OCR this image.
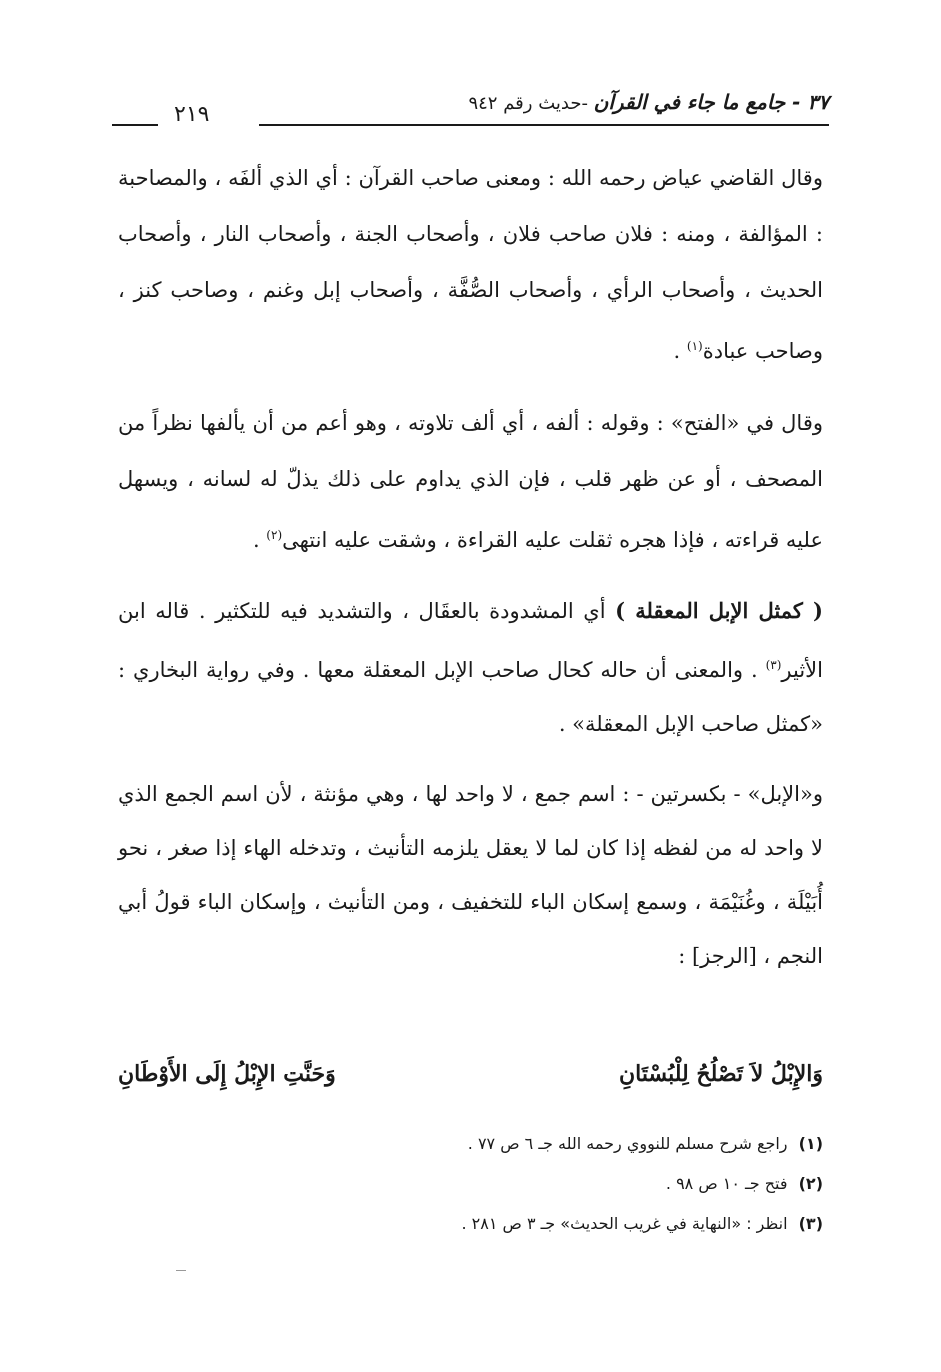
٣٧ - جامع ما جاء في القرآن -حديث رقم ٩٤٢
٢١٩

وقال القاضي عياض رحمه الله : ومعنى صاحب القرآن : أي الذي ألفَه ، والمصاحبة : المؤالفة ، ومنه : فلان صاحب فلان ، وأصحاب الجنة ، وأصحاب النار ، وأصحاب الحديث ، وأصحاب الرأي ، وأصحاب الصُّفَّة ، وأصحاب إبل وغنم ، وصاحب كنز ، وصاحب عبادة$^{(١)}$ .

وقال في «الفتح» : وقوله : ألفه ، أي ألف تلاوته ، وهو أعم من أن يألفها نظراً من المصحف ، أو عن ظهر قلب ، فإن الذي يداوم على ذلك يذلّ له لسانه ، ويسهل عليه قراءته ، فإذا هجره ثقلت عليه القراءة ، وشقت عليه انتهى$^{(٢)}$ .

( كمثل الإبل المعقلة ) أي المشدودة بالعقَال ، والتشديد فيه للتكثير . قاله ابن الأثير$^{(٣)}$ . والمعنى أن حاله كحال صاحب الإبل المعقلة معها . وفي رواية البخاري : «كمثل صاحب الإبل المعقلة» .

و«الإبل» - بكسرتين - : اسم جمع ، لا واحد لها ، وهي مؤنثة ، لأن اسم الجمع الذي لا واحد له من لفظه إذا كان لما لا يعقل يلزمه التأنيث ، وتدخله الهاء إذا صغر ، نحو أُبَيْلَة ، وغُنَيْمَة ، وسمع إسكان الباء للتخفيف ، ومن التأنيث ، وإسكان الباء قولُ أبي النجم ، [الرجز] :

وَالإِبْلُ لاَ تَصْلُحُ لِلْبُسْتَانِ
وَحَنَّتِ الإِبْلُ إِلَى الأَوْطَانِ
(١) راجع شرح مسلم للنووي رحمه الله جـ ٦ ص ٧٧ .
(٢) فتح جـ ١٠ ص ٩٨ .
(٣) انظر : «النهاية في غريب الحديث» جـ ٣ ص ٢٨١ .
